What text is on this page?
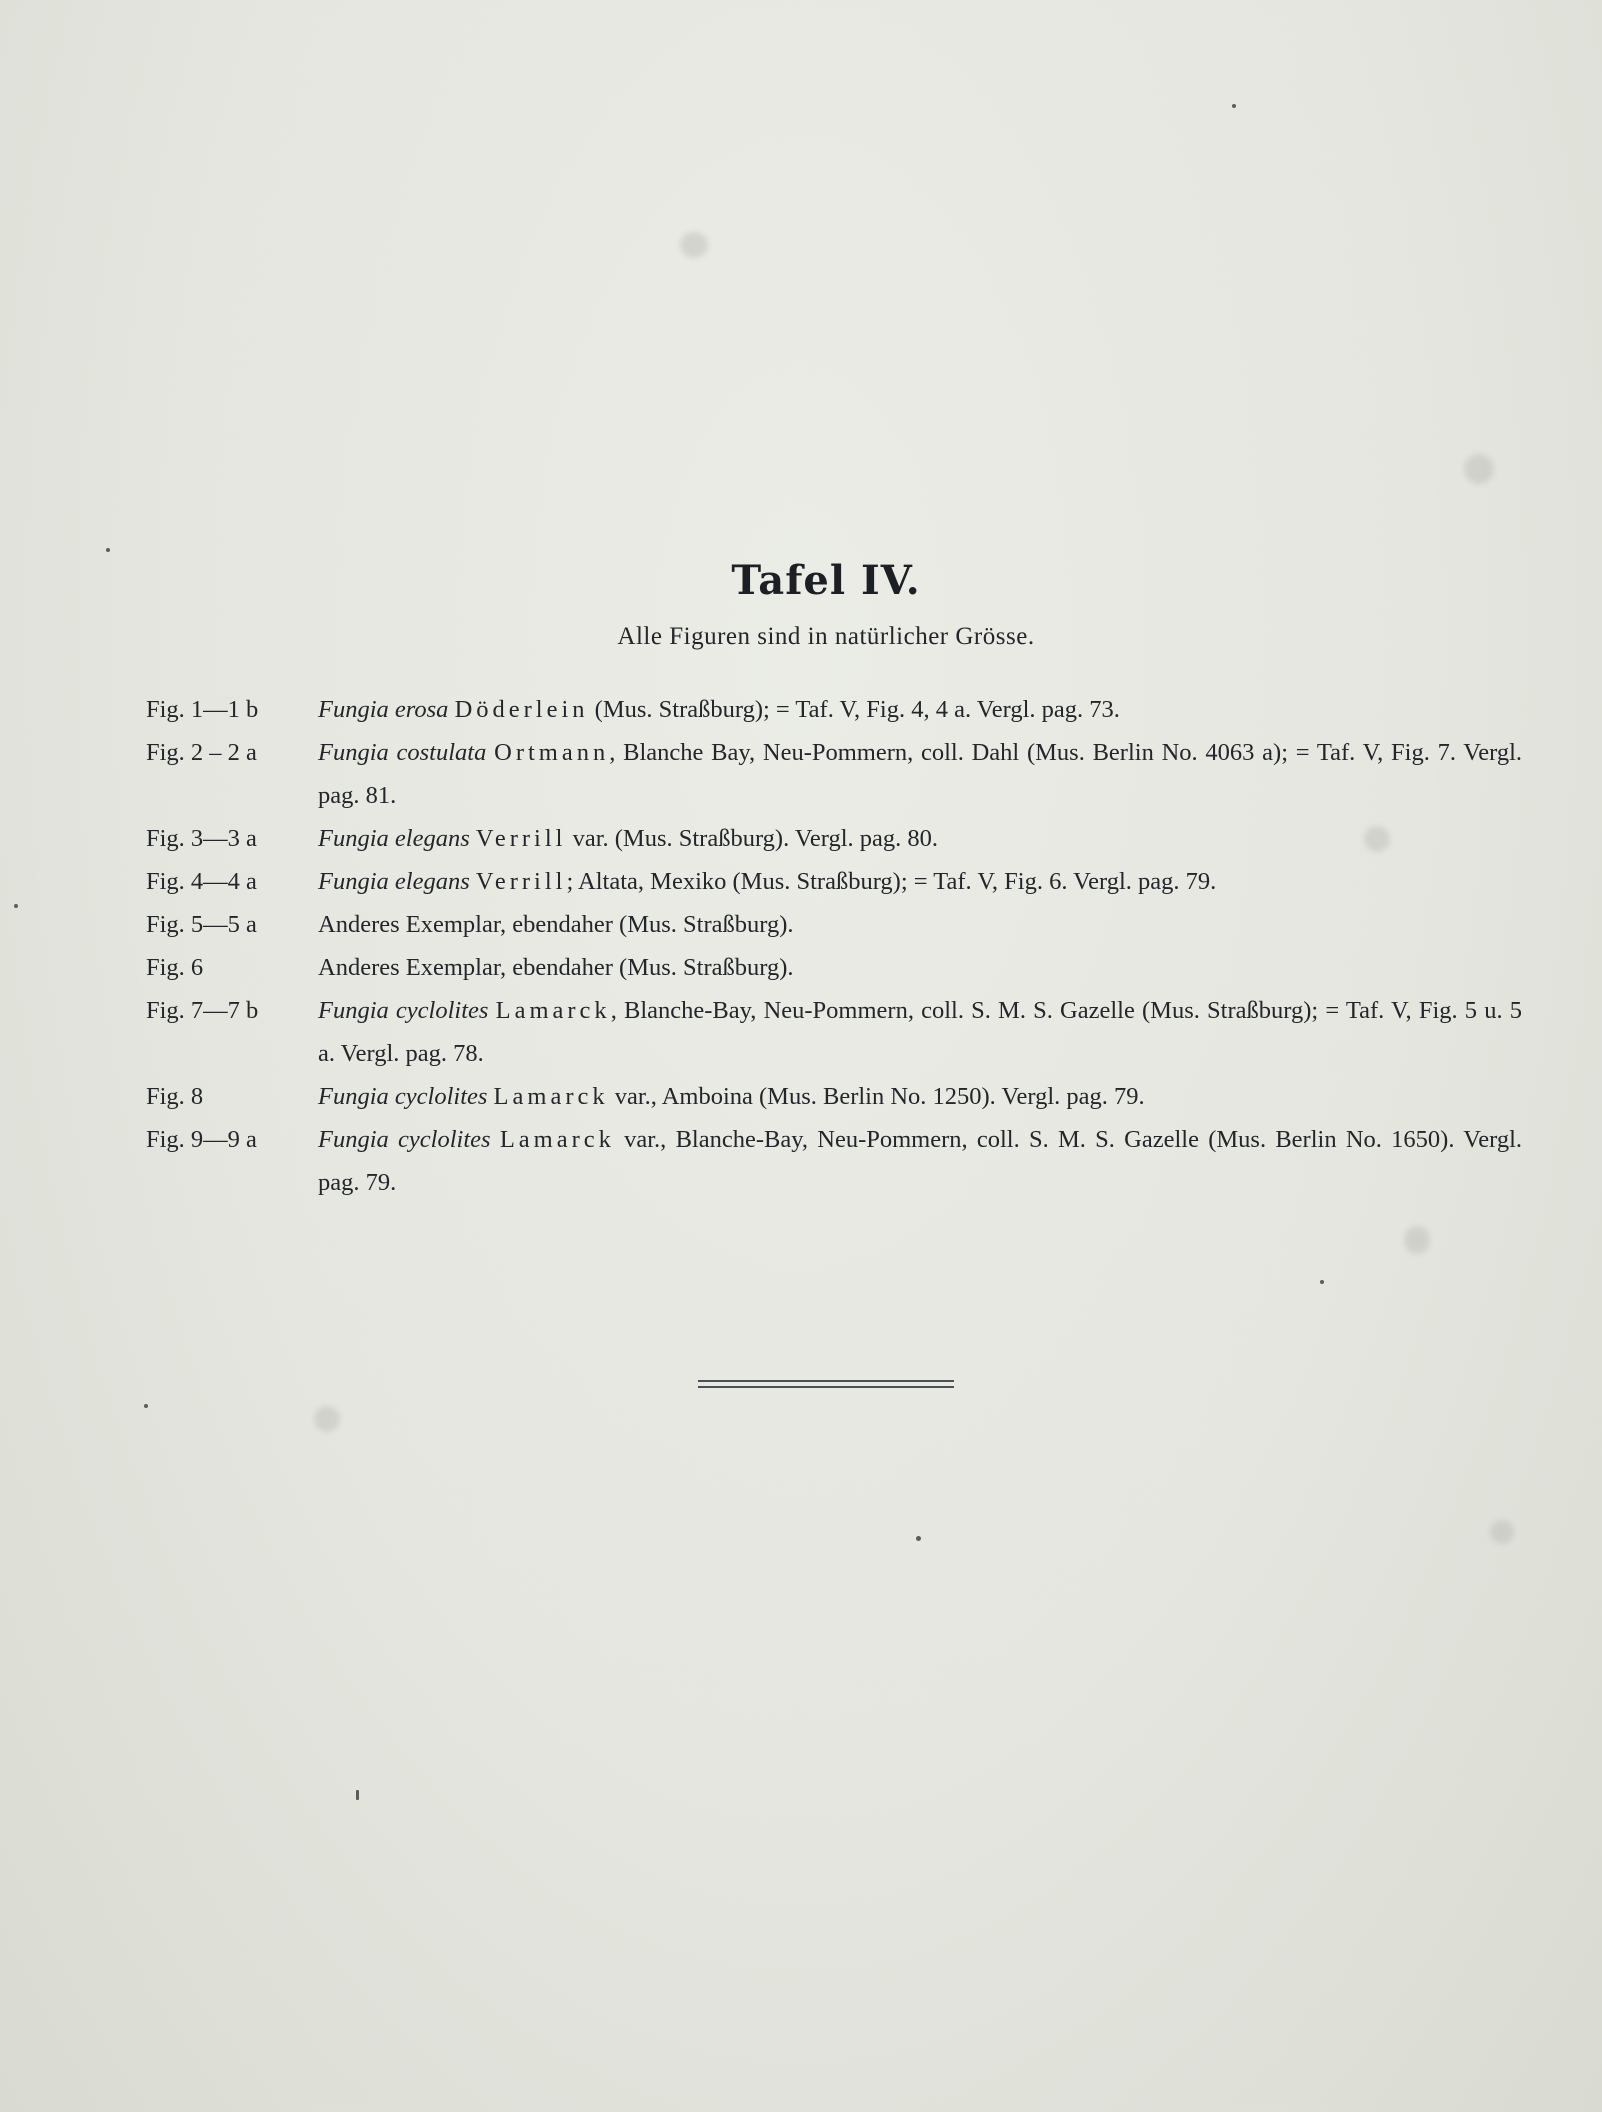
Tafel IV.
Alle Figuren sind in natürlicher Grösse.
Fig. 1—1 b	Fungia erosa Döderlein (Mus. Straßburg); = Taf. V, Fig. 4, 4 a. Vergl. pag. 73.
Fig. 2 – 2 a	Fungia costulata Ortmann, Blanche Bay, Neu-Pommern, coll. Dahl (Mus. Berlin No. 4063 a); = Taf. V, Fig. 7. Vergl. pag. 81.
Fig. 3—3 a	Fungia elegans Verrill var. (Mus. Straßburg). Vergl. pag. 80.
Fig. 4—4 a	Fungia elegans Verrill; Altata, Mexiko (Mus. Straßburg); = Taf. V, Fig. 6. Vergl. pag. 79.
Fig. 5—5 a	Anderes Exemplar, ebendaher (Mus. Straßburg).
Fig. 6	Anderes Exemplar, ebendaher (Mus. Straßburg).
Fig. 7—7 b	Fungia cyclolites Lamarck, Blanche-Bay, Neu-Pommern, coll. S. M. S. Gazelle (Mus. Straßburg); = Taf. V, Fig. 5 u. 5 a. Vergl. pag. 78.
Fig. 8	Fungia cyclolites Lamarck var., Amboina (Mus. Berlin No. 1250). Vergl. pag. 79.
Fig. 9—9 a	Fungia cyclolites Lamarck var., Blanche-Bay, Neu-Pommern, coll. S. M. S. Gazelle (Mus. Berlin No. 1650). Vergl. pag. 79.
